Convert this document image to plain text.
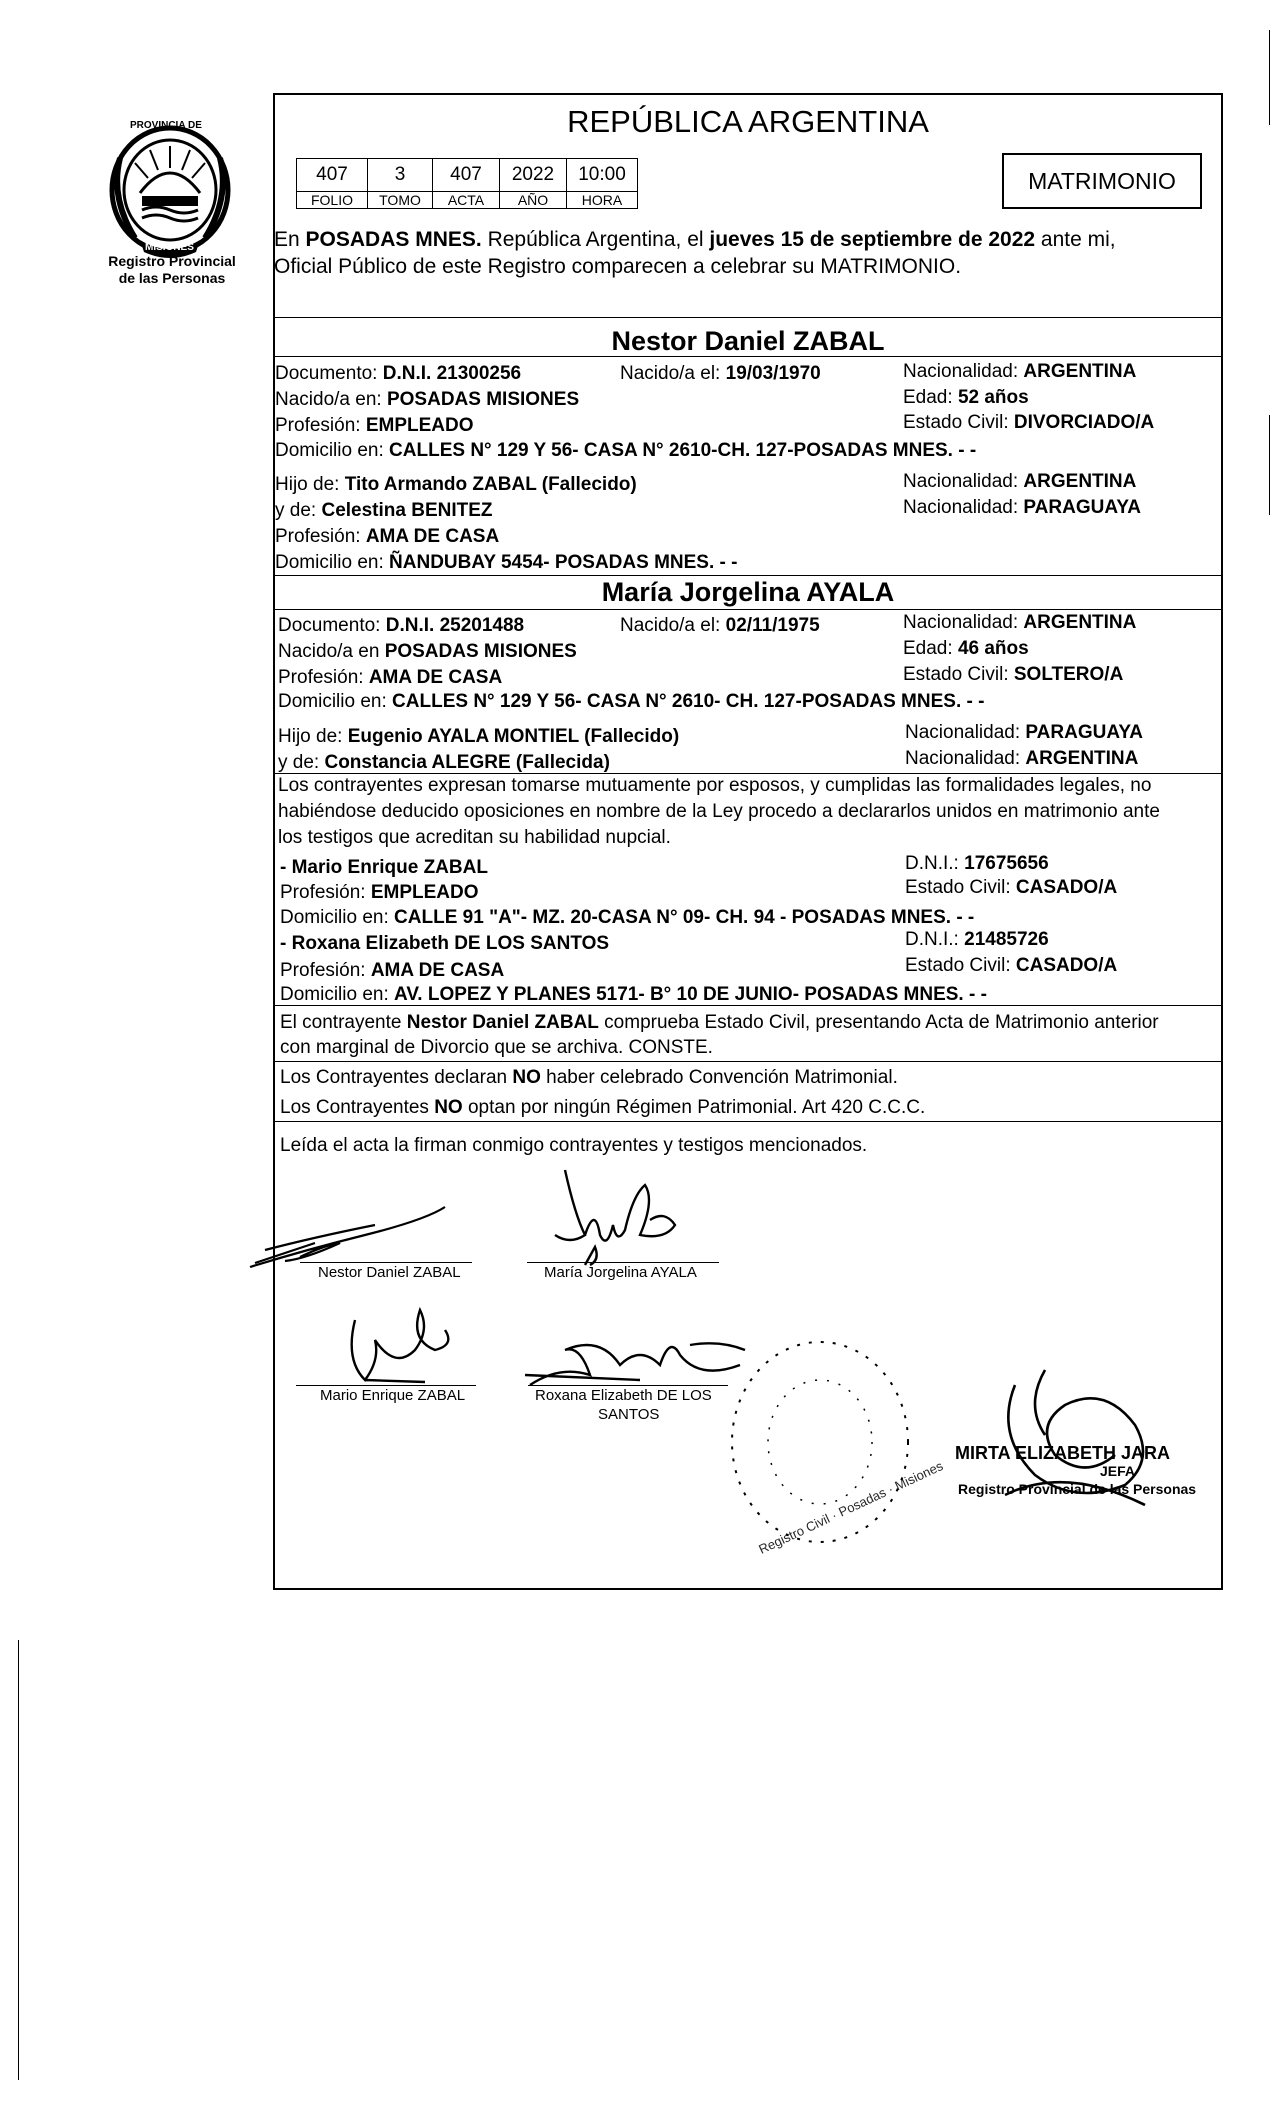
PROVINCIA DE
MISIONES
Registro Provincial
de las Personas
REPÚBLICA ARGENTINA
407	3	407	2022	10:00
FOLIO	TOMO	ACTA	AÑO	HORA
MATRIMONIO
En POSADAS MNES. República Argentina, el jueves 15 de septiembre de 2022 ante mi,
Oficial Público de este Registro comparecen a celebrar su MATRIMONIO.
Nestor Daniel ZABAL
Documento: D.N.I. 21300256	Nacido/a el: 19/03/1970	Nacionalidad: ARGENTINA
Nacido/a en: POSADAS MISIONES	Edad: 52 años
Profesión: EMPLEADO	Estado Civil: DIVORCIADO/A
Domicilio en: CALLES N° 129 Y 56- CASA N° 2610-CH. 127-POSADAS MNES. - -
Hijo de: Tito Armando ZABAL (Fallecido)	Nacionalidad: ARGENTINA
y de: Celestina BENITEZ	Nacionalidad: PARAGUAYA
Profesión: AMA DE CASA
Domicilio en: ÑANDUBAY 5454- POSADAS MNES. - -
María Jorgelina AYALA
Documento: D.N.I. 25201488	Nacido/a el: 02/11/1975	Nacionalidad: ARGENTINA
Nacido/a en POSADAS MISIONES	Edad: 46 años
Profesión: AMA DE CASA	Estado Civil: SOLTERO/A
Domicilio en: CALLES N° 129 Y 56- CASA N° 2610- CH. 127-POSADAS MNES. - -
Hijo de: Eugenio AYALA MONTIEL (Fallecido)	Nacionalidad: PARAGUAYA
y de: Constancia ALEGRE (Fallecida)	Nacionalidad: ARGENTINA
Los contrayentes expresan tomarse mutuamente por esposos, y cumplidas las formalidades legales, no
habiéndose deducido oposiciones en nombre de la Ley procedo a declararlos unidos en matrimonio ante
los testigos que acreditan su habilidad nupcial.
- Mario Enrique ZABAL	D.N.I.: 17675656
Profesión: EMPLEADO	Estado Civil: CASADO/A
Domicilio en: CALLE 91 "A"- MZ. 20-CASA N° 09- CH. 94 - POSADAS MNES. - -
- Roxana Elizabeth DE LOS SANTOS	D.N.I.: 21485726
Profesión: AMA DE CASA	Estado Civil: CASADO/A
Domicilio en: AV. LOPEZ Y PLANES 5171- B° 10 DE JUNIO- POSADAS MNES. - -
El contrayente Nestor Daniel ZABAL comprueba Estado Civil, presentando Acta de Matrimonio anterior
con marginal de Divorcio que se archiva. CONSTE.
Los Contrayentes declaran NO haber celebrado Convención Matrimonial.
Los Contrayentes NO optan por ningún Régimen Patrimonial. Art 420 C.C.C.
Leída el acta la firman conmigo contrayentes y testigos mencionados.
Nestor Daniel ZABAL	María Jorgelina AYALA
Mario Enrique ZABAL	Roxana Elizabeth DE LOS
SANTOS
Registro Civil · Posadas · Misiones
MIRTA ELIZABETH JARA
JEFA
Registro Provincial de las Personas
